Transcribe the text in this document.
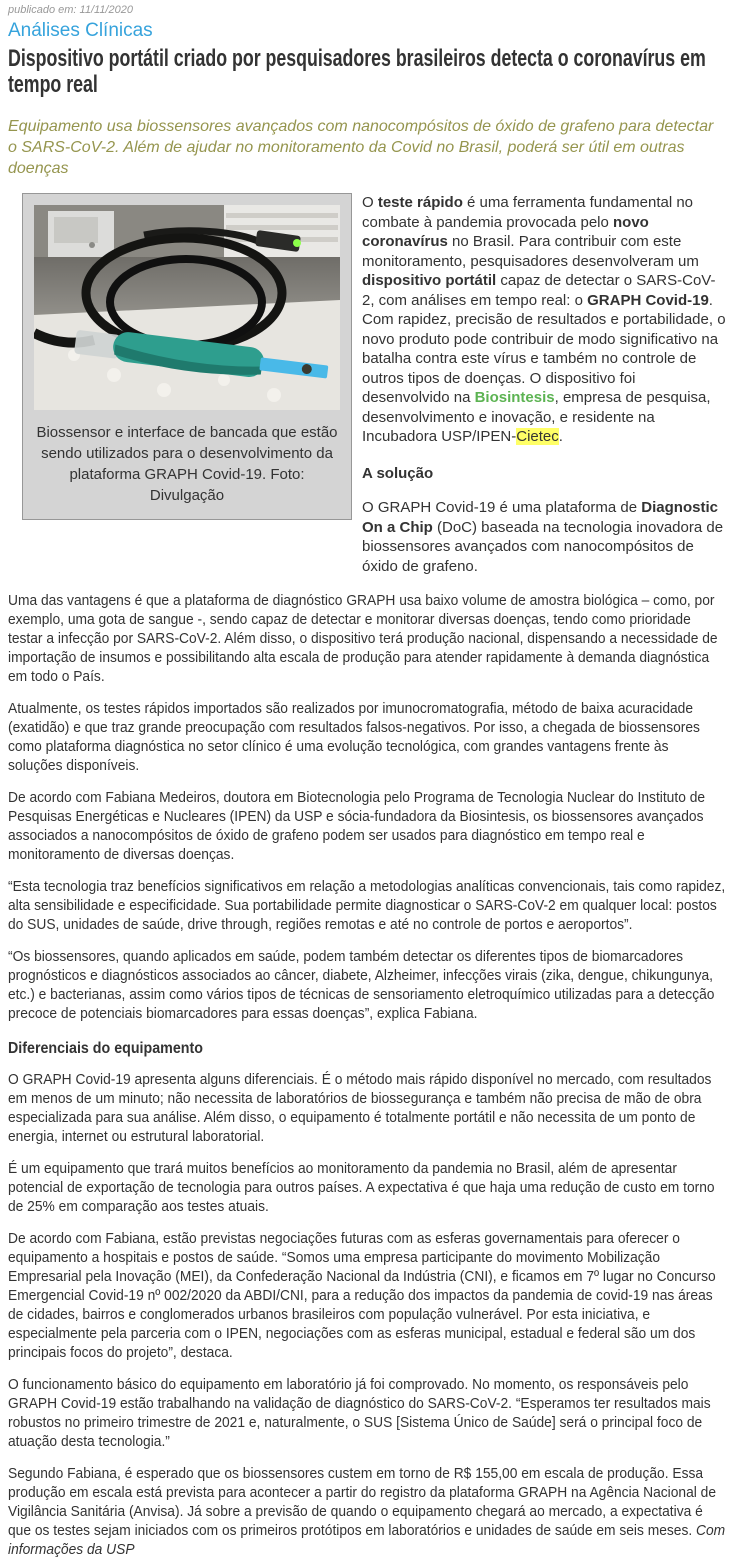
publicado em: 11/11/2020

Análises Clínicas
Dispositivo portátil criado por pesquisadores brasileiros detecta o coronavírus em tempo real

Equipamento usa biossensores avançados com nanocompósitos de óxido de grafeno para detectar o SARS-CoV-2. Além de ajudar no monitoramento da Covid no Brasil, poderá ser útil em outras doenças

Biossensor e interface de bancada que estão sendo utilizados para o desenvolvimento da plataforma GRAPH Covid-19. Foto: Divulgação

O teste rápido é uma ferramenta fundamental no combate à pandemia provocada pelo novo coronavírus no Brasil. Para contribuir com este monitoramento, pesquisadores desenvolveram um dispositivo portátil capaz de detectar o SARS-CoV-2, com análises em tempo real: o GRAPH Covid-19. Com rapidez, precisão de resultados e portabilidade, o novo produto pode contribuir de modo significativo na batalha contra este vírus e também no controle de outros tipos de doenças. O dispositivo foi desenvolvido na Biosintesis, empresa de pesquisa, desenvolvimento e inovação, e residente na Incubadora USP/IPEN-Cietec.

A solução

O GRAPH Covid-19 é uma plataforma de Diagnostic On a Chip (DoC) baseada na tecnologia inovadora de biossensores avançados com nanocompósitos de óxido de grafeno.

Uma das vantagens é que a plataforma de diagnóstico GRAPH usa baixo volume de amostra biológica – como, por exemplo, uma gota de sangue -, sendo capaz de detectar e monitorar diversas doenças, tendo como prioridade testar a infecção por SARS-CoV-2. Além disso, o dispositivo terá produção nacional, dispensando a necessidade de importação de insumos e possibilitando alta escala de produção para atender rapidamente à demanda diagnóstica em todo o País.

Atualmente, os testes rápidos importados são realizados por imunocromatografia, método de baixa acuracidade (exatidão) e que traz grande preocupação com resultados falsos-negativos. Por isso, a chegada de biossensores como plataforma diagnóstica no setor clínico é uma evolução tecnológica, com grandes vantagens frente às soluções disponíveis.

De acordo com Fabiana Medeiros, doutora em Biotecnologia pelo Programa de Tecnologia Nuclear do Instituto de Pesquisas Energéticas e Nucleares (IPEN) da USP e sócia-fundadora da Biosintesis, os biossensores avançados associados a nanocompósitos de óxido de grafeno podem ser usados para diagnóstico em tempo real e monitoramento de diversas doenças.

“Esta tecnologia traz benefícios significativos em relação a metodologias analíticas convencionais, tais como rapidez, alta sensibilidade e especificidade. Sua portabilidade permite diagnosticar o SARS-CoV-2 em qualquer local: postos do SUS, unidades de saúde, drive through, regiões remotas e até no controle de portos e aeroportos”.

“Os biossensores, quando aplicados em saúde, podem também detectar os diferentes tipos de biomarcadores prognósticos e diagnósticos associados ao câncer, diabete, Alzheimer, infecções virais (zika, dengue, chikungunya, etc.) e bacterianas, assim como vários tipos de técnicas de sensoriamento eletroquímico utilizadas para a detecção precoce de potenciais biomarcadores para essas doenças”, explica Fabiana.

Diferenciais do equipamento

O GRAPH Covid-19 apresenta alguns diferenciais. É o método mais rápido disponível no mercado, com resultados em menos de um minuto; não necessita de laboratórios de biossegurança e também não precisa de mão de obra especializada para sua análise. Além disso, o equipamento é totalmente portátil e não necessita de um ponto de energia, internet ou estrutural laboratorial.

É um equipamento que trará muitos benefícios ao monitoramento da pandemia no Brasil, além de apresentar potencial de exportação de tecnologia para outros países. A expectativa é que haja uma redução de custo em torno de 25% em comparação aos testes atuais.

De acordo com Fabiana, estão previstas negociações futuras com as esferas governamentais para oferecer o equipamento a hospitais e postos de saúde. “Somos uma empresa participante do movimento Mobilização Empresarial pela Inovação (MEI), da Confederação Nacional da Indústria (CNI), e ficamos em 7º lugar no Concurso Emergencial Covid-19 nº 002/2020 da ABDI/CNI, para a redução dos impactos da pandemia de covid-19 nas áreas de cidades, bairros e conglomerados urbanos brasileiros com população vulnerável. Por esta iniciativa, e especialmente pela parceria com o IPEN, negociações com as esferas municipal, estadual e federal são um dos principais focos do projeto”, destaca.

O funcionamento básico do equipamento em laboratório já foi comprovado. No momento, os responsáveis pelo GRAPH Covid-19 estão trabalhando na validação de diagnóstico do SARS-CoV-2. “Esperamos ter resultados mais robustos no primeiro trimestre de 2021 e, naturalmente, o SUS [Sistema Único de Saúde] será o principal foco de atuação desta tecnologia.”

Segundo Fabiana, é esperado que os biossensores custem em torno de R$ 155,00 em escala de produção. Essa produção em escala está prevista para acontecer a partir do registro da plataforma GRAPH na Agência Nacional de Vigilância Sanitária (Anvisa). Já sobre a previsão de quando o equipamento chegará ao mercado, a expectativa é que os testes sejam iniciados com os primeiros protótipos em laboratórios e unidades de saúde em seis meses. Com informações da USP
